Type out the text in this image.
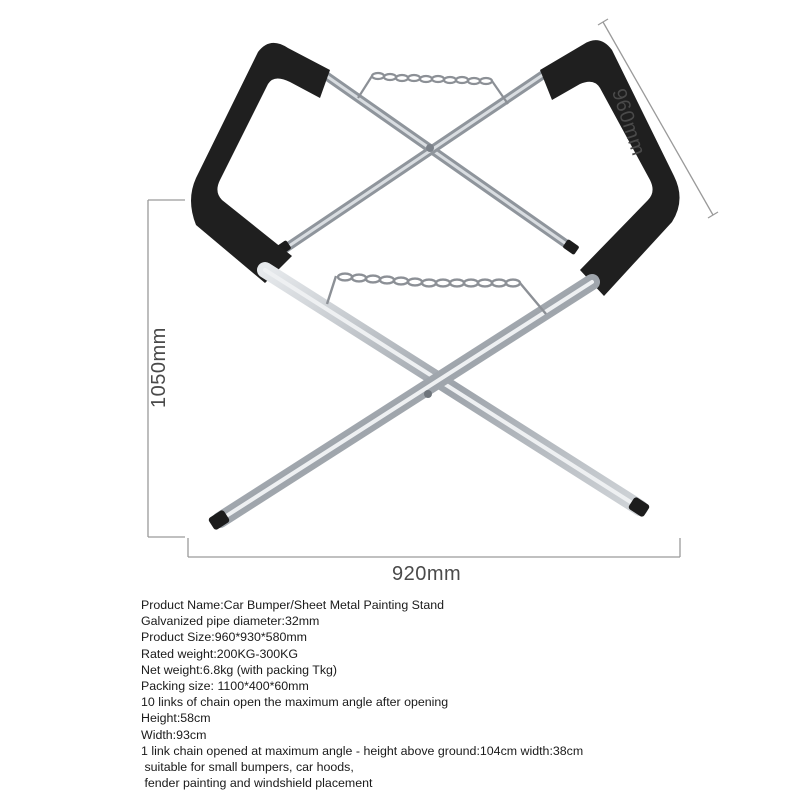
960mm
1050mm
920mm
Product Name:Car Bumper/Sheet Metal Painting Stand
Galvanized pipe diameter:32mm
Product Size:960*930*580mm
Rated weight:200KG-300KG
Net weight:6.8kg (with packing Tkg)
Packing size: 1100*400*60mm
10 links of chain open the maximum angle after opening
Height:58cm
Width:93cm
1 link chain opened at maximum angle - height above ground:104cm width:38cm
suitable for small bumpers, car hoods,
fender painting and windshield placement
